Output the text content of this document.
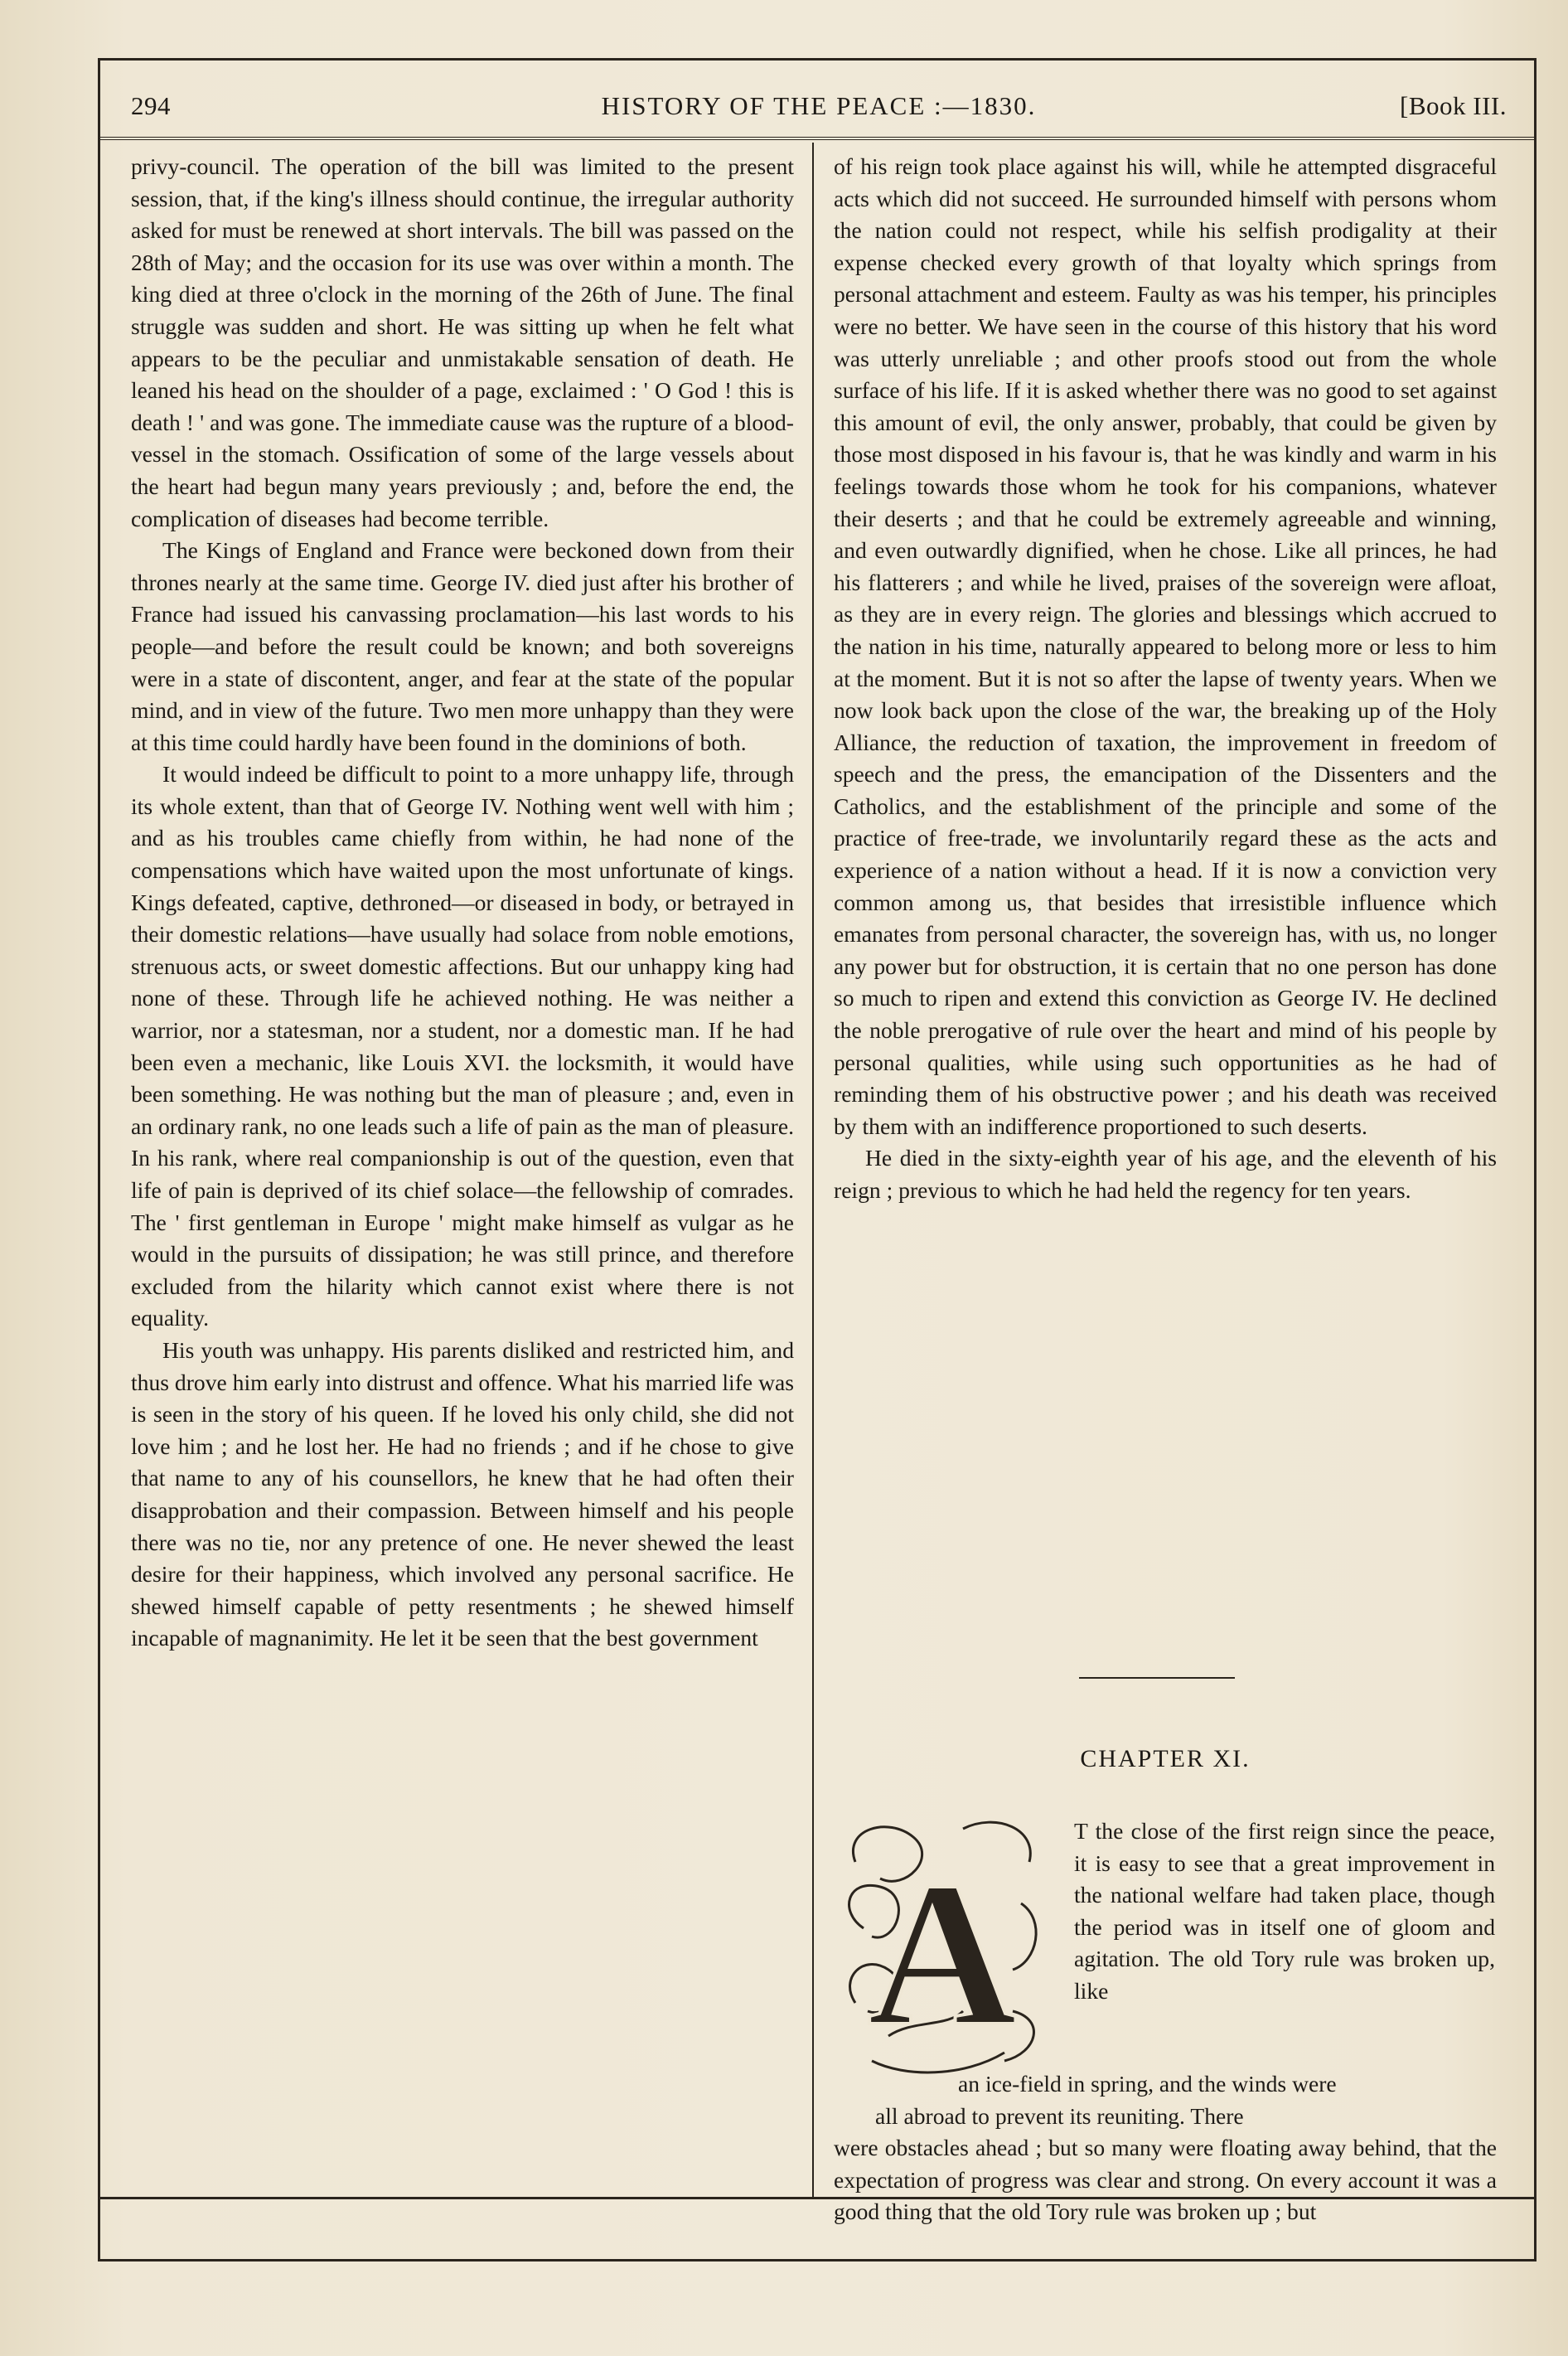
294	HISTORY OF THE PEACE :—1830.	[Book III.

privy-council. The operation of the bill was limited to the present session, that, if the king's illness should continue, the irregular authority asked for must be renewed at short intervals. The bill was passed on the 28th of May; and the occasion for its use was over within a month. The king died at three o'clock in the morning of the 26th of June. The final struggle was sudden and short. He was sitting up when he felt what appears to be the peculiar and unmistakable sensation of death. He leaned his head on the shoulder of a page, exclaimed : ' O God ! this is death ! ' and was gone. The immediate cause was the rupture of a blood-vessel in the stomach. Ossification of some of the large vessels about the heart had begun many years previously ; and, before the end, the complication of diseases had become terrible.

The Kings of England and France were beckoned down from their thrones nearly at the same time. George IV. died just after his brother of France had issued his canvassing proclamation—his last words to his people—and before the result could be known; and both sovereigns were in a state of discontent, anger, and fear at the state of the popular mind, and in view of the future. Two men more unhappy than they were at this time could hardly have been found in the dominions of both.

It would indeed be difficult to point to a more unhappy life, through its whole extent, than that of George IV. Nothing went well with him ; and as his troubles came chiefly from within, he had none of the compensations which have waited upon the most unfortunate of kings. Kings defeated, captive, dethroned—or diseased in body, or betrayed in their domestic relations—have usually had solace from noble emotions, strenuous acts, or sweet domestic affections. But our unhappy king had none of these. Through life he achieved nothing. He was neither a warrior, nor a statesman, nor a student, nor a domestic man. If he had been even a mechanic, like Louis XVI. the locksmith, it would have been something. He was nothing but the man of pleasure ; and, even in an ordinary rank, no one leads such a life of pain as the man of pleasure. In his rank, where real companionship is out of the question, even that life of pain is deprived of its chief solace—the fellowship of comrades. The ' first gentleman in Europe ' might make himself as vulgar as he would in the pursuits of dissipation; he was still prince, and therefore excluded from the hilarity which cannot exist where there is not equality.

His youth was unhappy. His parents disliked and restricted him, and thus drove him early into distrust and offence. What his married life was is seen in the story of his queen. If he loved his only child, she did not love him ; and he lost her. He had no friends ; and if he chose to give that name to any of his counsellors, he knew that he had often their disapprobation and their compassion. Between himself and his people there was no tie, nor any pretence of one. He never shewed the least desire for their happiness, which involved any personal sacrifice. He shewed himself capable of petty resentments ; he shewed himself incapable of magnanimity. He let it be seen that the best government

of his reign took place against his will, while he attempted disgraceful acts which did not succeed. He surrounded himself with persons whom the nation could not respect, while his selfish prodigality at their expense checked every growth of that loyalty which springs from personal attachment and esteem. Faulty as was his temper, his principles were no better. We have seen in the course of this history that his word was utterly unreliable ; and other proofs stood out from the whole surface of his life. If it is asked whether there was no good to set against this amount of evil, the only answer, probably, that could be given by those most disposed in his favour is, that he was kindly and warm in his feelings towards those whom he took for his companions, whatever their deserts ; and that he could be extremely agreeable and winning, and even outwardly dignified, when he chose. Like all princes, he had his flatterers ; and while he lived, praises of the sovereign were afloat, as they are in every reign. The glories and blessings which accrued to the nation in his time, naturally appeared to belong more or less to him at the moment. But it is not so after the lapse of twenty years. When we now look back upon the close of the war, the breaking up of the Holy Alliance, the reduction of taxation, the improvement in freedom of speech and the press, the emancipation of the Dissenters and the Catholics, and the establishment of the principle and some of the practice of free-trade, we involuntarily regard these as the acts and experience of a nation without a head. If it is now a conviction very common among us, that besides that irresistible influence which emanates from personal character, the sovereign has, with us, no longer any power but for obstruction, it is certain that no one person has done so much to ripen and extend this conviction as George IV. He declined the noble prerogative of rule over the heart and mind of his people by personal qualities, while using such opportunities as he had of reminding them of his obstructive power ; and his death was received by them with an indifference proportioned to such deserts.

He died in the sixty-eighth year of his age, and the eleventh of his reign ; previous to which he had held the regency for ten years.

CHAPTER XI.
A
T the close of the first reign since the peace, it is easy to see that a great improvement in the national welfare had taken place, though the period was in itself one of gloom and agitation. The old Tory rule was broken up, like
an ice-field in spring, and the winds were
all abroad to prevent its reuniting. There
were obstacles ahead ; but so many were floating away behind, that the expectation of progress was clear and strong. On every account it was a good thing that the old Tory rule was broken up ; but
